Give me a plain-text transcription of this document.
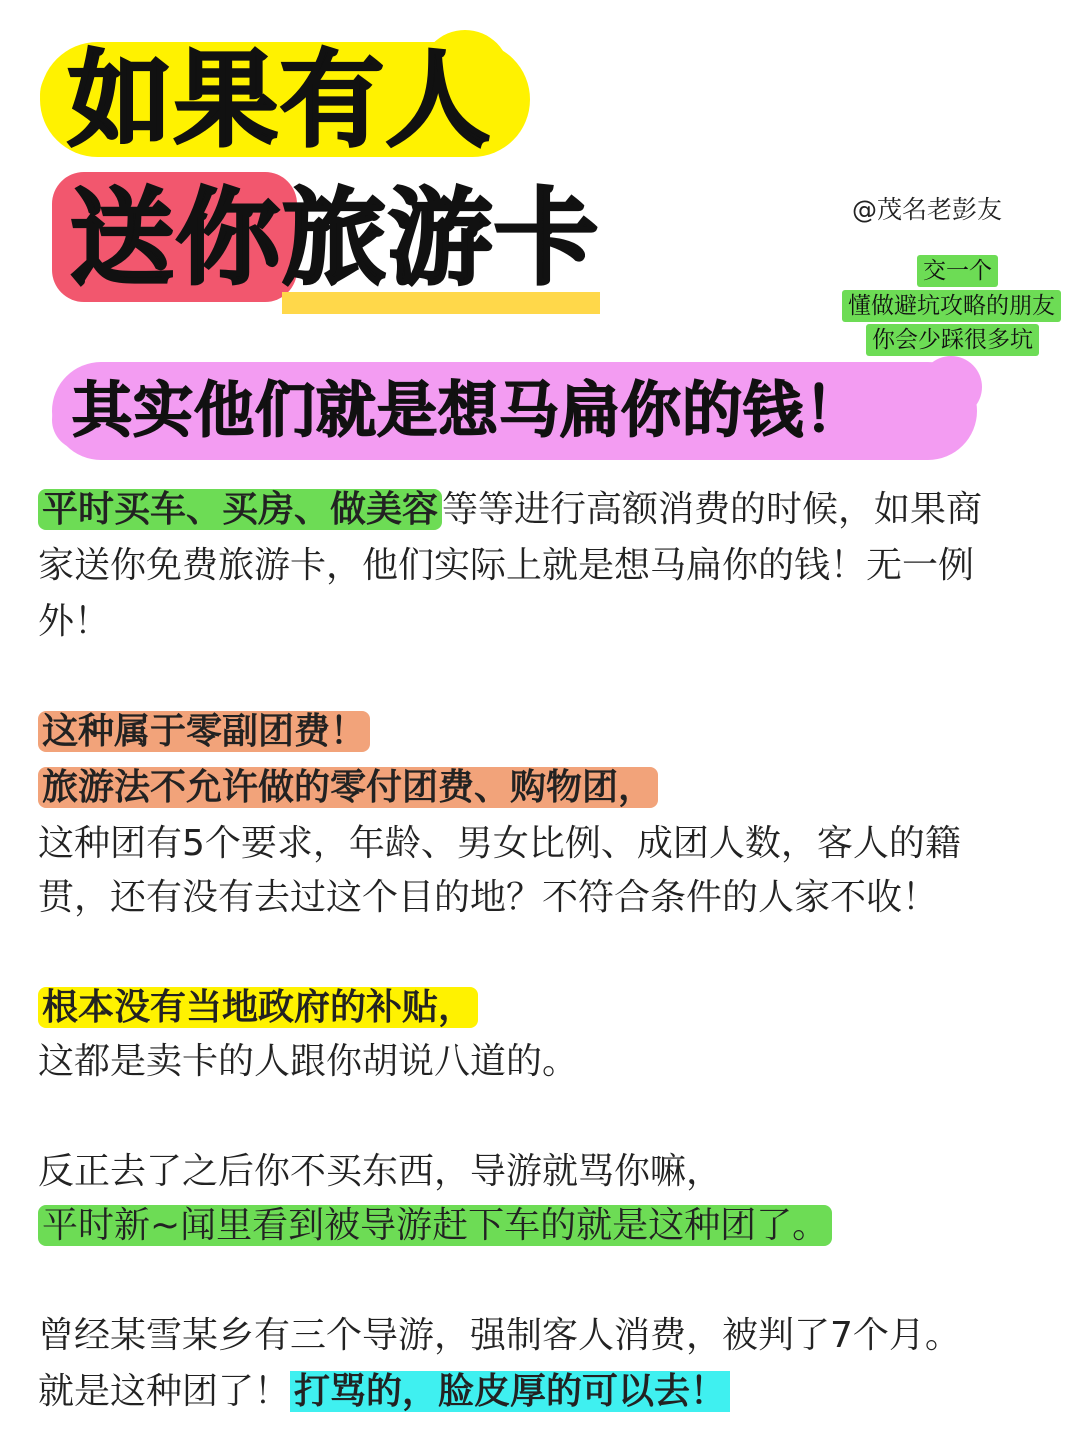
如果有人
送你旅游卡	@茂名老彭友
交一个
懂做避坑攻略的朋友
你会少踩很多坑
其实他们就是想马扁你的钱！
平时买车、买房、做美容 等等进行高额消费的时候，如果商
家送你免费旅游卡，他们实际上就是想马扁你的钱！无一例
外！
这种属于零副团费！
旅游法不允许做的零付团费、购物团，
这种团有5个要求，年龄、男女比例、成团人数，客人的籍
贯，还有没有去过这个目的地？不符合条件的人家不收！
根本没有当地政府的补贴，
这都是卖卡的人跟你胡说八道的。
反正去了之后你不买东西，导游就骂你嘛，
平时新~闻里看到被导游赶下车的就是这种团了。
曾经某雪某乡有三个导游，强制客人消费，被判了7个月。
就是这种团了！ 打骂的，脸皮厚的可以去！
